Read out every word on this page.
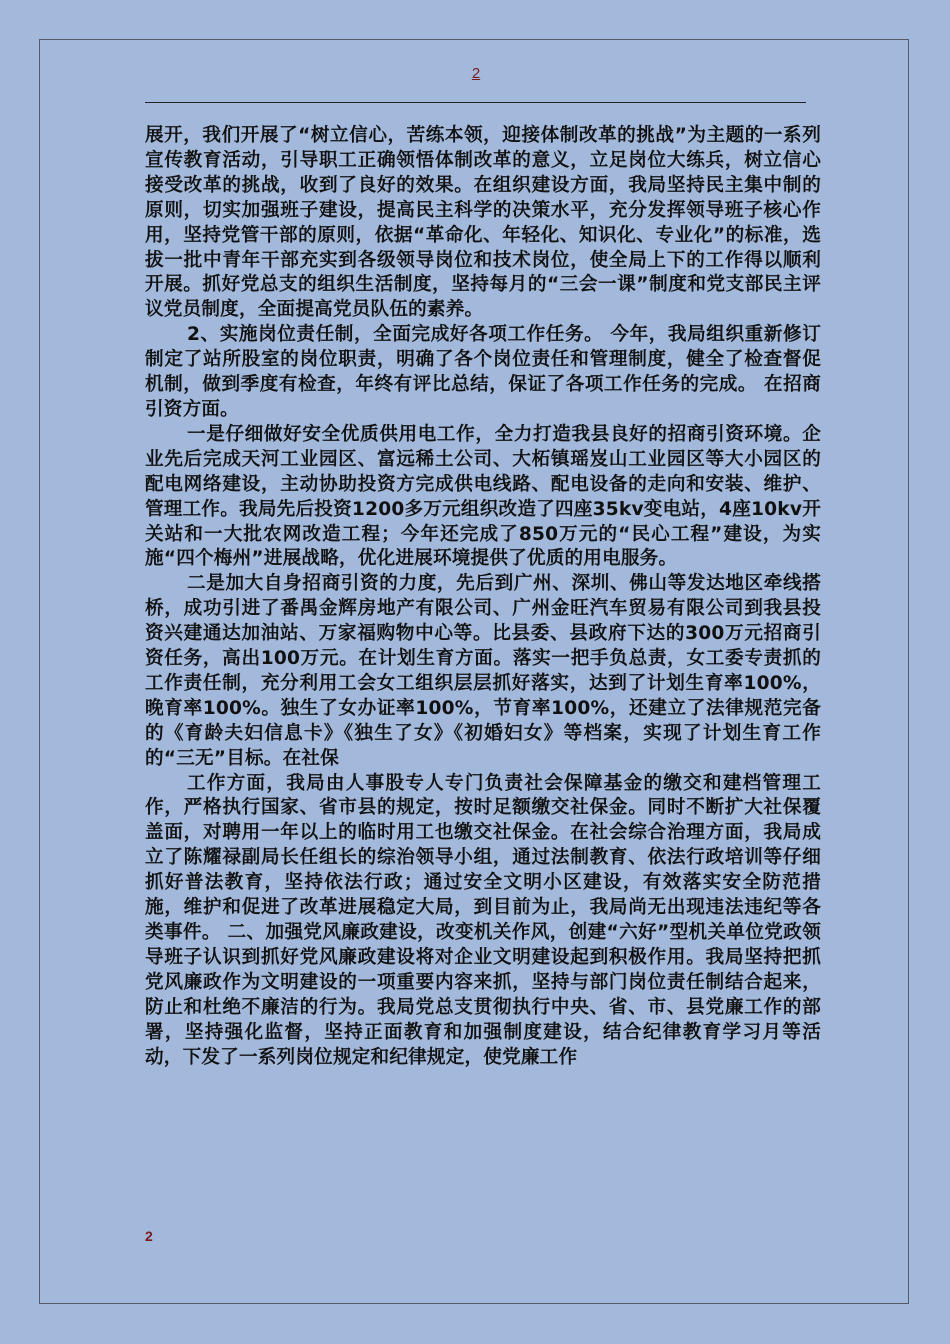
2

展开，我们开展了“树立信心，苦练本领，迎接体制改革的挑战”为主题的一系列宣传教育活动，引导职工正确领悟体制改革的意义，立足岗位大练兵，树立信心接受改革的挑战，收到了良好的效果。在组织建设方面，我局坚持民主集中制的原则，切实加强班子建设，提高民主科学的决策水平，充分发挥领导班子核心作用，坚持党管干部的原则，依据“革命化、年轻化、知识化、专业化”的标准，选拔一批中青年干部充实到各级领导岗位和技术岗位，使全局上下的工作得以顺利开展。抓好党总支的组织生活制度，坚持每月的“三会一课”制度和党支部民主评议党员制度，全面提高党员队伍的素养。

2、实施岗位责任制，全面完成好各项工作任务。 今年，我局组织重新修订制定了站所股室的岗位职责，明确了各个岗位责任和管理制度，健全了检查督促机制，做到季度有检查，年终有评比总结，保证了各项工作任务的完成。 在招商引资方面。

一是仔细做好安全优质供用电工作，全力打造我县良好的招商引资环境。企业先后完成天河工业园区、富远稀土公司、大柘镇瑶岌山工业园区等大小园区的配电网络建设，主动协助投资方完成供电线路、配电设备的走向和安装、维护、管理工作。我局先后投资1200多万元组织改造了四座35kv变电站，4座10kv开关站和一大批农网改造工程；今年还完成了850万元的“民心工程”建设，为实施“四个梅州”进展战略，优化进展环境提供了优质的用电服务。

二是加大自身招商引资的力度，先后到广州、深圳、佛山等发达地区牵线搭桥，成功引进了番禺金辉房地产有限公司、广州金旺汽车贸易有限公司到我县投资兴建通达加油站、万家福购物中心等。比县委、县政府下达的300万元招商引资任务，高出100万元。在计划生育方面。落实一把手负总责，女工委专责抓的工作责任制，充分利用工会女工组织层层抓好落实，达到了计划生育率100%，晚育率100%。独生了女办证率100%，节育率100%，还建立了法律规范完备的《育龄夫妇信息卡》《独生了女》《初婚妇女》等档案，实现了计划生育工作的“三无”目标。在社保

工作方面，我局由人事股专人专门负责社会保障基金的缴交和建档管理工作，严格执行国家、省市县的规定，按时足额缴交社保金。同时不断扩大社保覆盖面，对聘用一年以上的临时用工也缴交社保金。在社会综合治理方面，我局成立了陈耀禄副局长任组长的综治领导小组，通过法制教育、依法行政培训等仔细抓好普法教育，坚持依法行政；通过安全文明小区建设，有效落实安全防范措施，维护和促进了改革进展稳定大局，到目前为止，我局尚无出现违法违纪等各类事件。 二、加强党风廉政建设，改变机关作风，创建“六好”型机关单位党政领导班子认识到抓好党风廉政建设将对企业文明建设起到积极作用。我局坚持把抓党风廉政作为文明建设的一项重要内容来抓，坚持与部门岗位责任制结合起来，防止和杜绝不廉洁的行为。我局党总支贯彻执行中央、省、市、县党廉工作的部署，坚持强化监督，坚持正面教育和加强制度建设，结合纪律教育学习月等活动，下发了一系列岗位规定和纪律规定，使党廉工作

2
